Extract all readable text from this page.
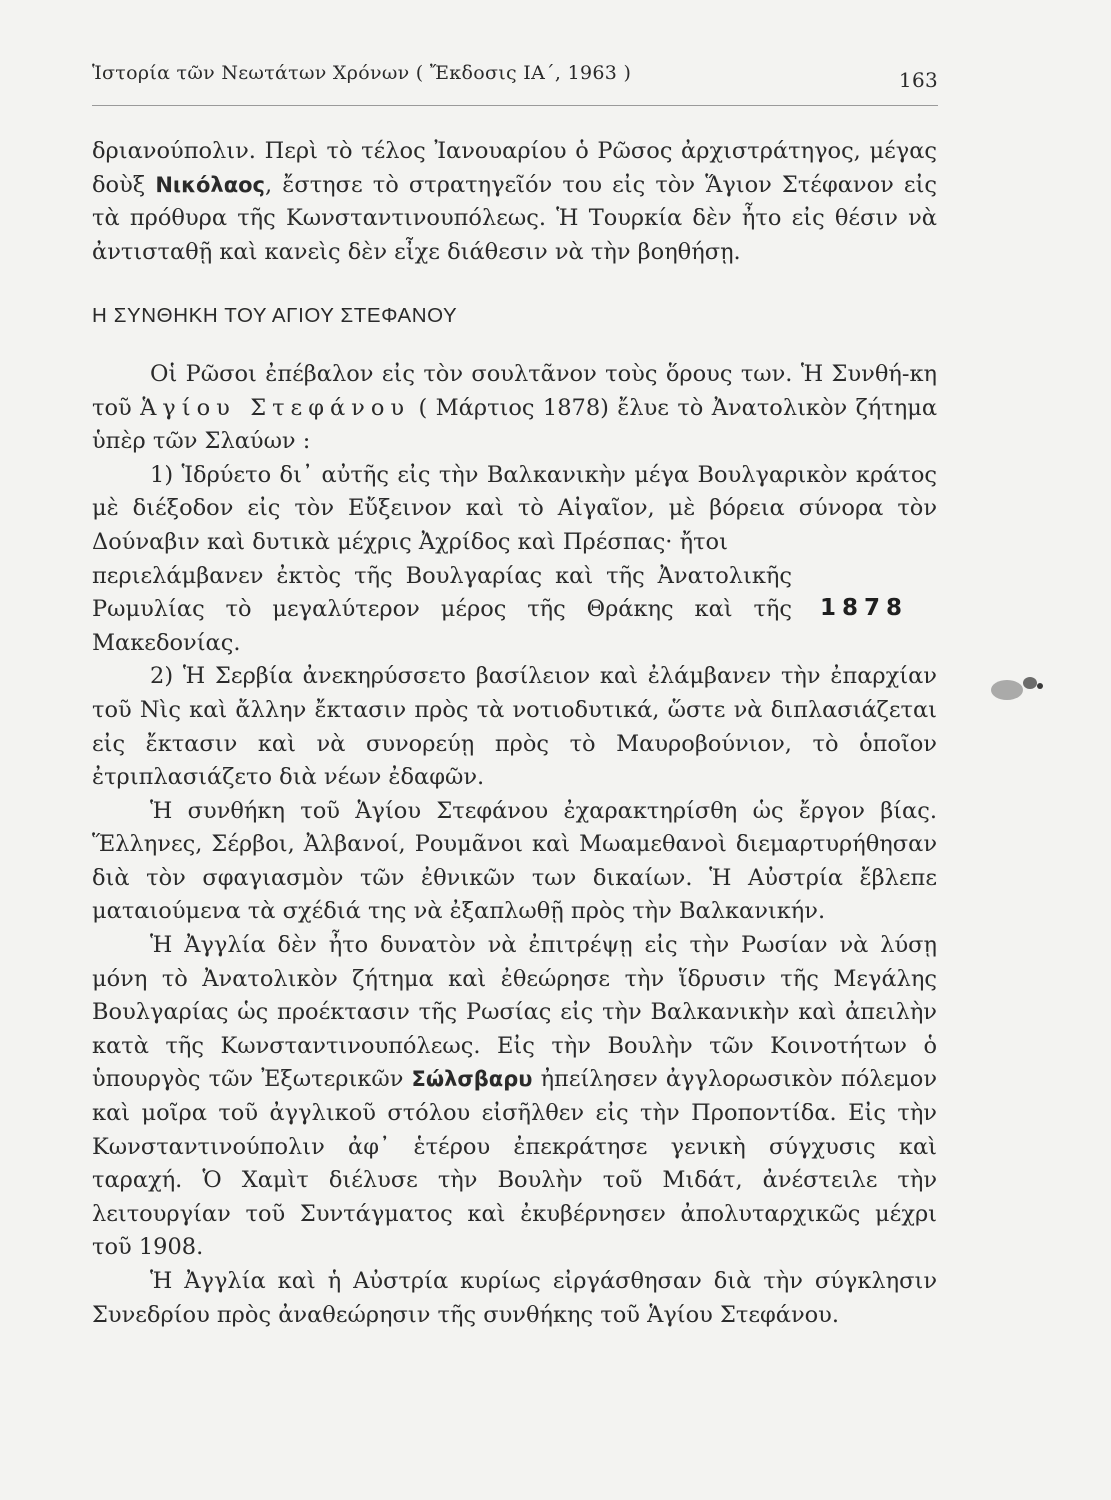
Ἱστορία τῶν Νεωτάτων Χρόνων ( Ἔκδοσις ΙΑ΄, 1963 )	163

δριανούπολιν. Περὶ τὸ τέλος Ἰανουαρίου ὁ Ρῶσος ἀρχιστράτηγος, μέγας δοὺξ Νικόλαος, ἔστησε τὸ στρατηγεῖόν του εἰς τὸν Ἅγιον Στέφανον εἰς τὰ πρόθυρα τῆς Κωνσταντινουπόλεως. Ἡ Τουρκία δὲν ἦτο εἰς θέσιν νὰ ἀντισταθῇ καὶ κανεὶς δὲν εἶχε διάθεσιν νὰ τὴν βοηθήσῃ.

Η ΣΥΝΘΗΚΗ ΤΟΥ ΑΓΙΟΥ ΣΤΕΦΑΝΟΥ

Οἱ Ρῶσοι ἐπέβαλον εἰς τὸν σουλτᾶνον τοὺς ὅρους των. Ἡ Συνθή-κη τοῦ Ἁγίου Στεφάνου ( Μάρτιος 1878) ἔλυε τὸ Ἀνατολικὸν ζήτημα ὑπὲρ τῶν Σλαύων :

1) Ἱδρύετο δι᾽ αὐτῆς εἰς τὴν Βαλκανικὴν μέγα Βουλγαρικὸν κράτος μὲ διέξοδον εἰς τὸν Εὔξεινον καὶ τὸ Αἰγαῖον, μὲ βόρεια σύνορα τὸν Δούναβιν καὶ δυτικὰ μέχρις Ἀχρίδος καὶ Πρέσπας· ἤτοι

περιελάμβανεν ἐκτὸς τῆς Βουλγαρίας καὶ τῆς Ἀνατολικῆς Ρωμυλίας τὸ μεγαλύτερον μέρος τῆς Θράκης καὶ τῆς Μακεδονίας.

2) Ἡ Σερβία ἀνεκηρύσσετο βασίλειον καὶ ἐλάμβανεν τὴν ἐπαρχίαν τοῦ Νὶς καὶ ἄλλην ἔκτασιν πρὸς τὰ νοτιοδυτικά, ὥστε νὰ διπλασιάζεται εἰς ἔκτασιν καὶ νὰ συνορεύῃ πρὸς τὸ Μαυροβούνιον, τὸ ὁποῖον ἐτριπλασιάζετο διὰ νέων ἐδαφῶν.

Ἡ συνθήκη τοῦ Ἁγίου Στεφάνου ἐχαρακτηρίσθη ὡς ἔργον βίας. Ἕλληνες, Σέρβοι, Ἀλβανοί, Ρουμᾶνοι καὶ Μωαμεθανοὶ διεμαρτυρήθησαν διὰ τὸν σφαγιασμὸν τῶν ἐθνικῶν των δικαίων. Ἡ Αὐστρία ἔβλεπε ματαιούμενα τὰ σχέδιά της νὰ ἐξαπλωθῇ πρὸς τὴν Βαλκανικήν.

Ἡ Ἀγγλία δὲν ἦτο δυνατὸν νὰ ἐπιτρέψῃ εἰς τὴν Ρωσίαν νὰ λύσῃ μόνη τὸ Ἀνατολικὸν ζήτημα καὶ ἐθεώρησε τὴν ἵδρυσιν τῆς Μεγάλης Βουλγαρίας ὡς προέκτασιν τῆς Ρωσίας εἰς τὴν Βαλκανικὴν καὶ ἀπειλὴν κατὰ τῆς Κωνσταντινουπόλεως. Εἰς τὴν Βουλὴν τῶν Κοινοτήτων ὁ ὑπουργὸς τῶν Ἐξωτερικῶν Σώλσβαρυ ἠπείλησεν ἀγγλορωσικὸν πόλεμον καὶ μοῖρα τοῦ ἀγγλικοῦ στόλου εἰσῆλθεν εἰς τὴν Προποντίδα. Εἰς τὴν Κωνσταντινούπολιν ἀφ᾽ ἑτέρου ἐπεκράτησε γενικὴ σύγχυσις καὶ ταραχή. Ὁ Χαμὶτ διέλυσε τὴν Βουλὴν τοῦ Μιδάτ, ἀνέστειλε τὴν λειτουργίαν τοῦ Συντάγματος καὶ ἐκυβέρνησεν ἀπολυταρχικῶς μέχρι τοῦ 1908.

Ἡ Ἀγγλία καὶ ἡ Αὐστρία κυρίως εἰργάσθησαν διὰ τὴν σύγκλησιν Συνεδρίου πρὸς ἀναθεώρησιν τῆς συνθήκης τοῦ Ἁγίου Στεφάνου.

1878
